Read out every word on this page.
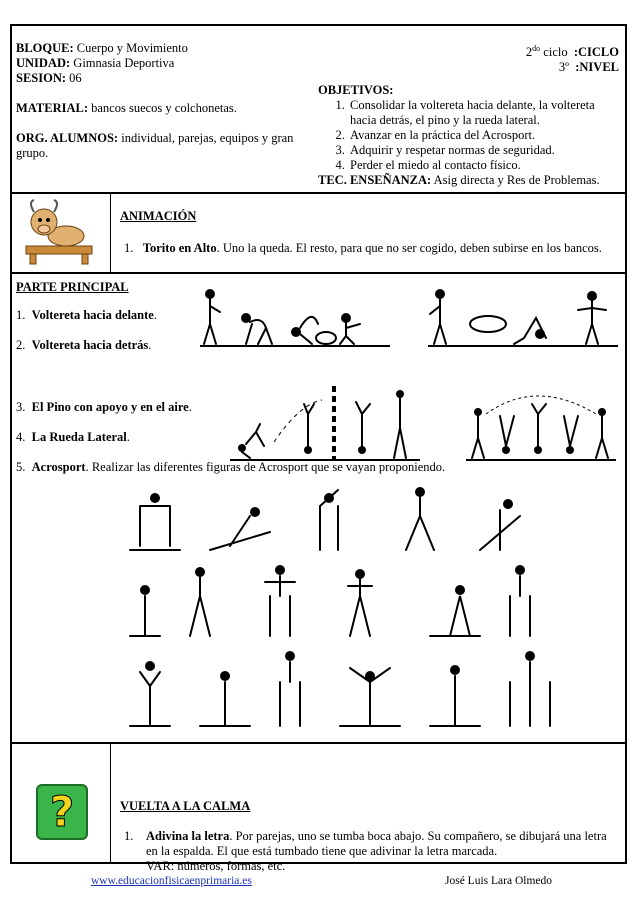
BLOQUE: Cuerpo y Movimiento
UNIDAD: Gimnasia Deportiva
SESION: 06
MATERIAL: bancos suecos y colchonetas.
ORG. ALUMNOS: individual, parejas, equipos y gran grupo.
$2^{do}$ ciclo :CICLO
3º :NIVEL
OBJETIVOS:
1. Consolidar la voltereta hacia delante, la voltereta hacia detrás, el pino y la rueda lateral.
2. Avanzar en la práctica del Acrosport.
3. Adquirir y respetar normas de seguridad.
4. Perder el miedo al contacto físico.
TEC. ENSEÑANZA: Asig directa y Res de Problemas.
ANIMACIÓN
1. Torito en Alto. Uno la queda. El resto, para que no ser cogido, deben subirse en los bancos.
PARTE PRINCIPAL
1. Voltereta hacia delante.
2. Voltereta hacia detrás.
3. El Pino con apoyo y en el aire.
4. La Rueda Lateral.
5. Acrosport. Realizar las diferentes figuras de Acrosport que se vayan proponiendo.
?	VUELTA A LA CALMA
1.	Adivina la letra. Por parejas, uno se tumba boca abajo. Su compañero, se dibujará una letra en la espalda. El que está tumbado tiene que adivinar la letra marcada.
VAR: números, formas, etc.
www.educacionfisicaenprimaria.es	José Luis Lara Olmedo
